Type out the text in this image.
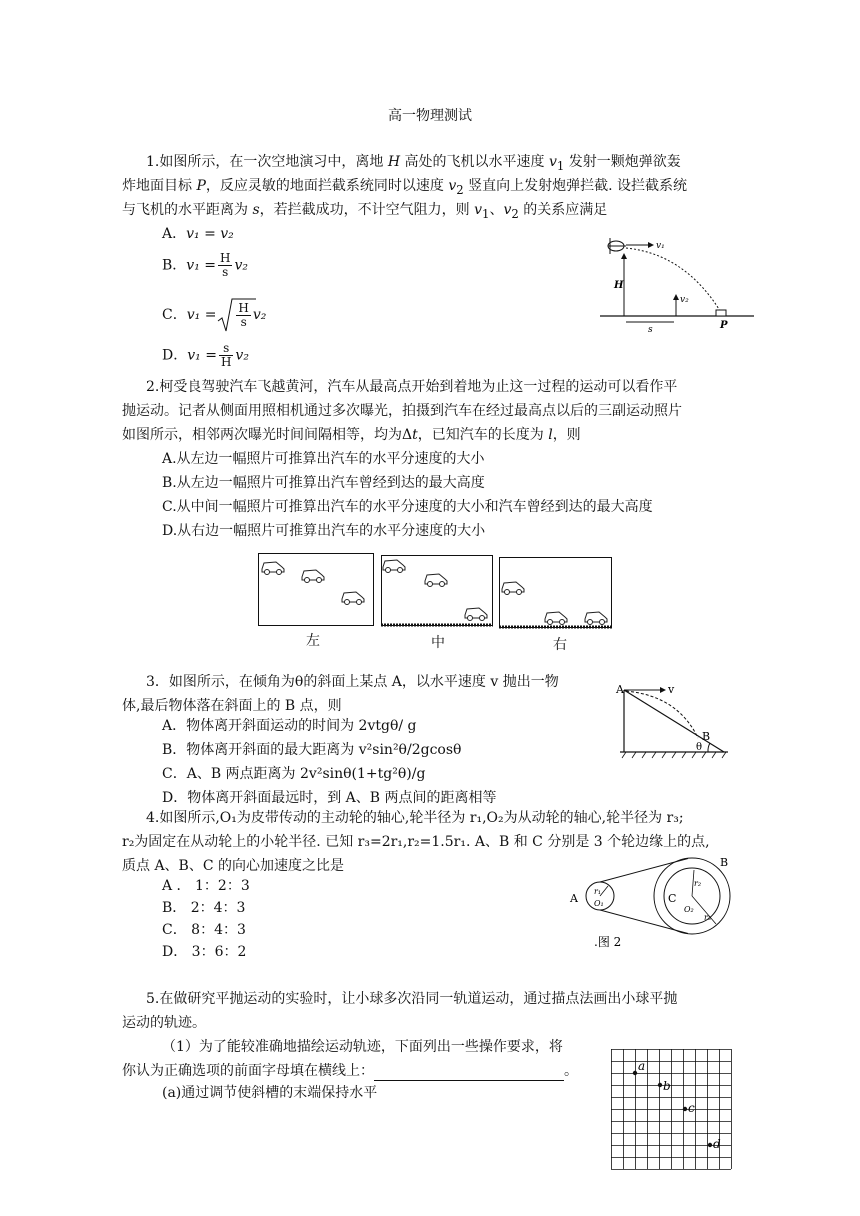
高一物理测试
1.如图所示，在一次空地演习中，离地 H 高处的飞机以水平速度 $v_1$ 发射一颗炮弹欲轰
炸地面目标 P，反应灵敏的地面拦截系统同时以速度 $v_2$ 竖直向上发射炮弹拦截. 设拦截系统
与飞机的水平距离为 s，若拦截成功，不计空气阻力，则 $v_1$、$v_2$ 的关系应满足
A．v₁ = v₂
B．$v_1 = \frac{H}{s} v_2$
C．$v_1 = \frac{H}{s} v_2$
D．$v_1 = \frac{s}{H} v_2$
v₁
H
v₂
s	P
2.柯受良驾驶汽车飞越黄河，汽车从最高点开始到着地为止这一过程的运动可以看作平
抛运动。记者从侧面用照相机通过多次曝光，拍摄到汽车在经过最高点以后的三副运动照片
如图所示，相邻两次曝光时间间隔相等，均为Δt，已知汽车的长度为 l，则
A.从左边一幅照片可推算出汽车的水平分速度的大小
B.从左边一幅照片可推算出汽车曾经到达的最大高度
C.从中间一幅照片可推算出汽车的水平分速度的大小和汽车曾经到达的最大高度
D.从右边一幅照片可推算出汽车的水平分速度的大小
左	中	右
3．如图所示，在倾角为θ的斜面上某点 A，以水平速度 v 抛出一物
体,最后物体落在斜面上的 B 点，则
A．物体离开斜面运动的时间为 2vtgθ/ g
B．物体离开斜面的最大距离为 v²sin²θ/2gcosθ
C．A、B 两点距离为 2v²sinθ(1+tg²θ)/g
D．物体离开斜面最远时，到 A、B 两点间的距离相等
v
A
B
θ
4.如图所示,O₁为皮带传动的主动轮的轴心,轮半径为 r₁,O₂为从动轮的轴心,轮半径为 r₃;
r₂为固定在从动轮上的小轮半径. 已知 r₃=2r₁,r₂=1.5r₁. A、B 和 C 分别是 3 个轮边缘上的点,
质点 A、B、C 的向心加速度之比是
A ． 1：2：3
B． 2：4：3
C． 8：4：3
D． 3：6：2
A
r₁
O₁	C
r₂
O₂
r₃
B
.图 2
5.在做研究平抛运动的实验时，让小球多次沿同一轨道运动，通过描点法画出小球平抛
运动的轨迹。
（1）为了能较准确地描绘运动轨迹，下面列出一些操作要求，将
你认为正确选项的前面字母填在横线上：	。
(a)通过调节使斜槽的末端保持水平
a
b
c
d
